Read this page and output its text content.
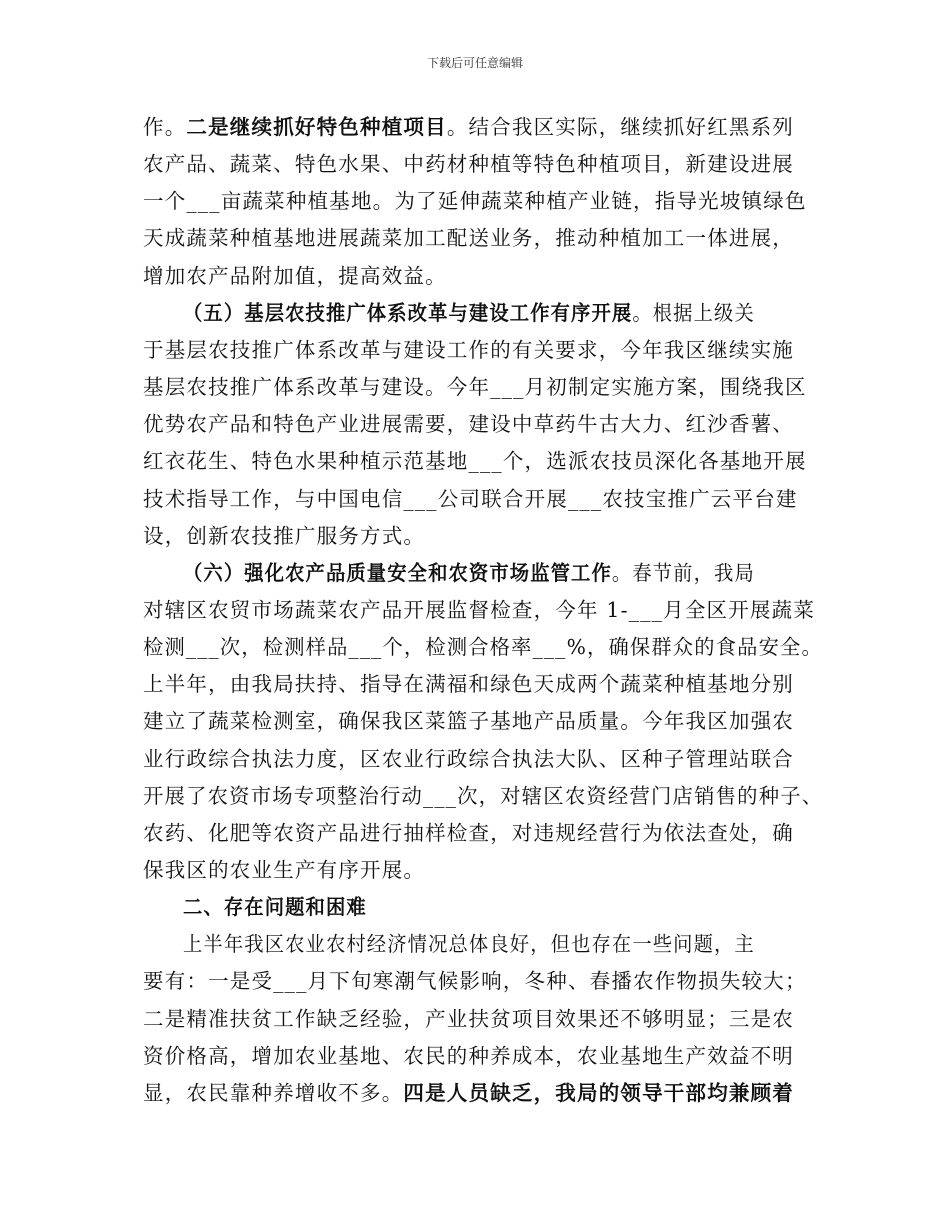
下载后可任意编辑
作。二是继续抓好特色种植项目。结合我区实际，继续抓好红黑系列
农产品、蔬菜、特色水果、中药材种植等特色种植项目，新建设进展
一个___亩蔬菜种植基地。为了延伸蔬菜种植产业链，指导光坡镇绿色
天成蔬菜种植基地进展蔬菜加工配送业务，推动种植加工一体进展，
增加农产品附加值，提高效益。
（五）基层农技推广体系改革与建设工作有序开展。根据上级关
于基层农技推广体系改革与建设工作的有关要求，今年我区继续实施
基层农技推广体系改革与建设。今年___月初制定实施方案，围绕我区
优势农产品和特色产业进展需要，建设中草药牛古大力、红沙香薯、
红衣花生、特色水果种植示范基地___个，选派农技员深化各基地开展
技术指导工作，与中国电信___公司联合开展___农技宝推广云平台建
设，创新农技推广服务方式。
（六）强化农产品质量安全和农资市场监管工作。春节前，我局
对辖区农贸市场蔬菜农产品开展监督检查，今年 1-___月全区开展蔬菜
检测___次，检测样品___个，检测合格率___%，确保群众的食品安全。
上半年，由我局扶持、指导在满福和绿色天成两个蔬菜种植基地分别
建立了蔬菜检测室，确保我区菜篮子基地产品质量。今年我区加强农
业行政综合执法力度，区农业行政综合执法大队、区种子管理站联合
开展了农资市场专项整治行动___次，对辖区农资经营门店销售的种子、
农药、化肥等农资产品进行抽样检查，对违规经营行为依法查处，确
保我区的农业生产有序开展。
二、存在问题和困难
上半年我区农业农村经济情况总体良好，但也存在一些问题，主
要有：一是受___月下旬寒潮气候影响，冬种、春播农作物损失较大；
二是精准扶贫工作缺乏经验，产业扶贫项目效果还不够明显；三是农
资价格高，增加农业基地、农民的种养成本，农业基地生产效益不明
显，农民靠种养增收不多。四是人员缺乏，我局的领导干部均兼顾着
